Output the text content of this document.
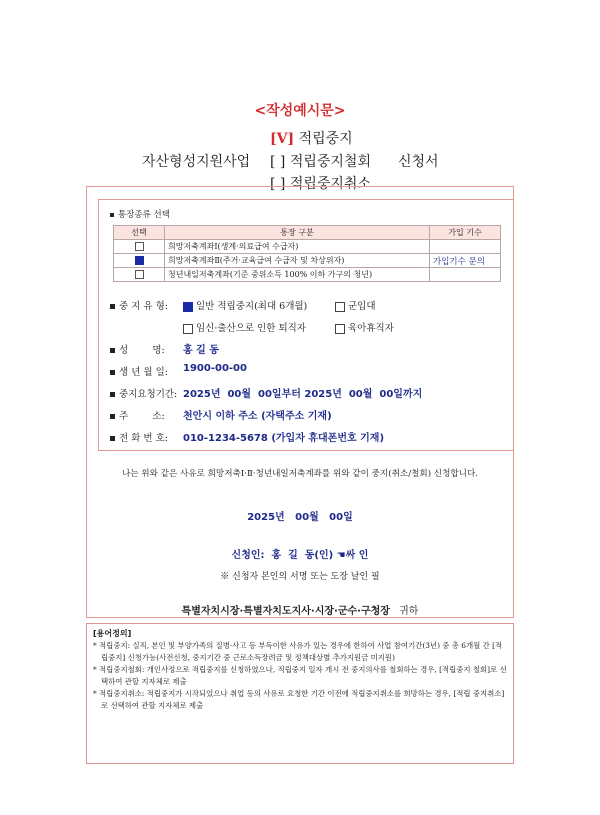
<작성예시문>
[V] 적립중지
자산형성지원사업 [ ] 적립중지철회 신청서
[ ] 적립중지취소
통장종류 선택
선택	통장 구분	가입 기수
	희망저축계좌Ⅰ(생계·의료급여 수급자)	
	희망저축계좌Ⅱ(주거·교육급여 수급자 및 차상위자)	가입기수 문의
	청년내일저축계좌(기준 중위소득 100% 이하 가구의 청년)	
중 지 유 형:	일반 적립중지(최대 6개월)	군입대
임신·출산으로 인한 퇴직자	육아휴직자
성        명: 홍 길 동
생 년 월 일: 1900-00-00
중지요청기간: 2025년  00월  00일부터 2025년  00월  00일까지
주        소: 천안시 이하 주소 (자택주소 기재)
전 화 번 호: 010-1234-5678 (가입자 휴대폰번호 기재)
나는 위와 같은 사유로 희망저축Ⅰ·Ⅱ·청년내일저축계좌를 위와 같이 중지(취소/철회) 신청합니다.
2025년   00월   00일
신청인:  홍  길  동(인) ☚싸 인
※ 신청자 본인의 서명 또는 도장 날인 필
특별자치시장·특별자치도지사·시장·군수·구청장 귀하
[용어정의]
* 적립중지: 실직, 본인 및 부양가족의 질병·사고 등 부득이한 사유가 있는 경우에 한하여 사업 참여기간(3년) 중 총 6개월 간 [적립중지] 신청가능(사전신청, 중지기간 중 근로소득장려금 및 정책대상별 추가지원금 미지원)
* 적립중지철회: 개인사정으로 적립중지를 신청하였으나, 적립중지 일자 개시 전 중지의사를 철회하는 경우, [적립중지 철회]로 선택하여 관할 지자체로 제출
* 적립중지취소: 적립중지가 시작되었으나 취업 등의 사유로 요청한 기간 이전에 적립중지취소를 희망하는 경우, [적립 중지취소]로 선택하여 관할 지자체로 제출
